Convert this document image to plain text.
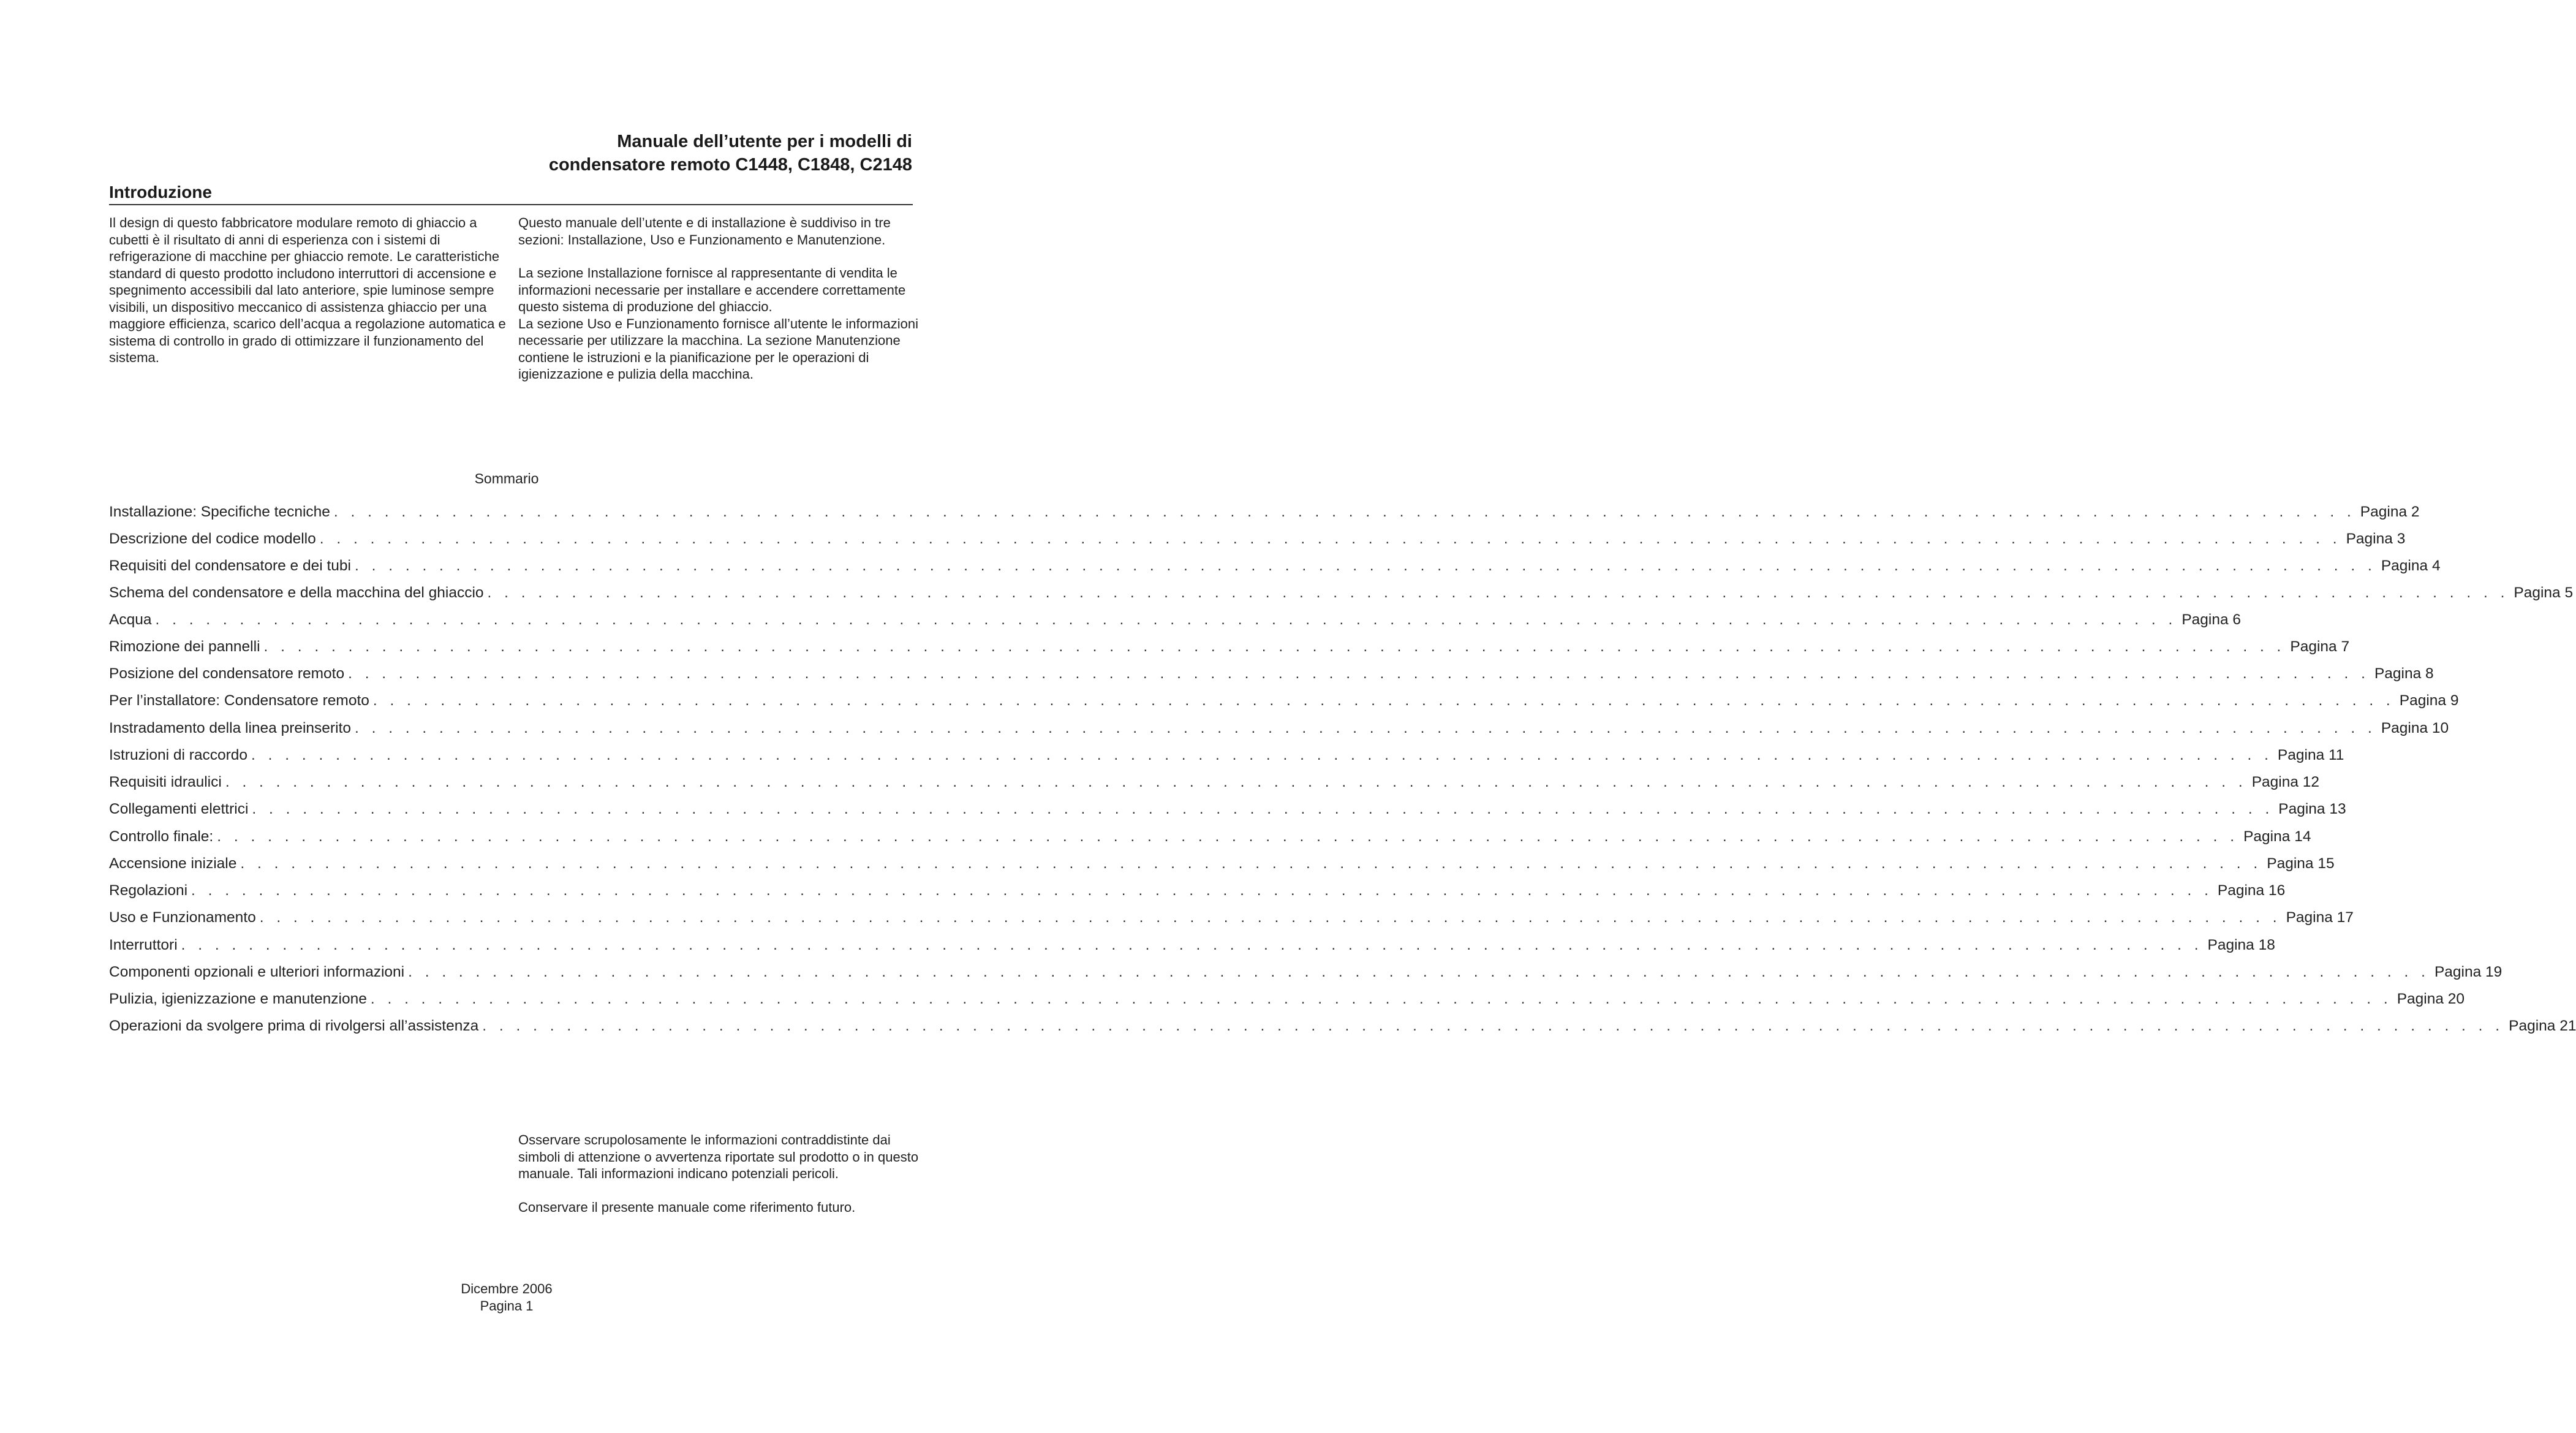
Manuale dell’utente per i modelli di
condensatore remoto C1448, C1848, C2148
Introduzione

Il design di questo fabbricatore modulare remoto di ghiaccio a cubetti è il risultato di anni di esperienza con i sistemi di refrigerazione di macchine per ghiaccio remote. Le caratteristiche standard di questo prodotto includono interruttori di accensione e spegnimento accessibili dal lato anteriore, spie luminose sempre visibili, un dispositivo meccanico di assistenza ghiaccio per una maggiore efficienza, scarico dell’acqua a regolazione automatica e sistema di controllo in grado di ottimizzare il funzionamento del sistema.

Questo manuale dell’utente e di installazione è suddiviso in tre sezioni: Installazione, Uso e Funzionamento e Manutenzione.

La sezione Installazione fornisce al rappresentante di vendita le informazioni necessarie per installare e accendere correttamente questo sistema di produzione del ghiaccio.

La sezione Uso e Funzionamento fornisce all’utente le informazioni necessarie per utilizzare la macchina. La sezione Manutenzione contiene le istruzioni e la pianificazione per le operazioni di igienizzazione e pulizia della macchina.

Sommario
Installazione: Specifiche tecniche . . . . . . . . . . . . . . . . . . . . . . . . . . . . . . . . . . . . . . . . . . . . . . . . . . . . . . . . . . . . . . . . . . . . . . . . . . . . . . . . . . . . . . . . . . . . . . . . . . . . . . . . . . . . . . . . . . . . . . . . Pagina 2
Descrizione del codice modello . . . . . . . . . . . . . . . . . . . . . . . . . . . . . . . . . . . . . . . . . . . . . . . . . . . . . . . . . . . . . . . . . . . . . . . . . . . . . . . . . . . . . . . . . . . . . . . . . . . . . . . . . . . . . . . . . . . . . . . . Pagina 3
Requisiti del condensatore e dei tubi . . . . . . . . . . . . . . . . . . . . . . . . . . . . . . . . . . . . . . . . . . . . . . . . . . . . . . . . . . . . . . . . . . . . . . . . . . . . . . . . . . . . . . . . . . . . . . . . . . . . . . . . . . . . . . . . . . . . . . . . Pagina 4
Schema del condensatore e della macchina del ghiaccio . . . . . . . . . . . . . . . . . . . . . . . . . . . . . . . . . . . . . . . . . . . . . . . . . . . . . . . . . . . . . . . . . . . . . . . . . . . . . . . . . . . . . . . . . . . . . . . . . . . . . . . . . . . . . . . . . . . . . . . . Pagina 5
Acqua . . . . . . . . . . . . . . . . . . . . . . . . . . . . . . . . . . . . . . . . . . . . . . . . . . . . . . . . . . . . . . . . . . . . . . . . . . . . . . . . . . . . . . . . . . . . . . . . . . . . . . . . . . . . . . . . . . . . . . . . Pagina 6
Rimozione dei pannelli . . . . . . . . . . . . . . . . . . . . . . . . . . . . . . . . . . . . . . . . . . . . . . . . . . . . . . . . . . . . . . . . . . . . . . . . . . . . . . . . . . . . . . . . . . . . . . . . . . . . . . . . . . . . . . . . . . . . . . . . Pagina 7
Posizione del condensatore remoto . . . . . . . . . . . . . . . . . . . . . . . . . . . . . . . . . . . . . . . . . . . . . . . . . . . . . . . . . . . . . . . . . . . . . . . . . . . . . . . . . . . . . . . . . . . . . . . . . . . . . . . . . . . . . . . . . . . . . . . . Pagina 8
Per l’installatore: Condensatore remoto . . . . . . . . . . . . . . . . . . . . . . . . . . . . . . . . . . . . . . . . . . . . . . . . . . . . . . . . . . . . . . . . . . . . . . . . . . . . . . . . . . . . . . . . . . . . . . . . . . . . . . . . . . . . . . . . . . . . . . . . Pagina 9
Instradamento della linea preinserito . . . . . . . . . . . . . . . . . . . . . . . . . . . . . . . . . . . . . . . . . . . . . . . . . . . . . . . . . . . . . . . . . . . . . . . . . . . . . . . . . . . . . . . . . . . . . . . . . . . . . . . . . . . . . . . . . . . . . . . . Pagina 10
Istruzioni di raccordo . . . . . . . . . . . . . . . . . . . . . . . . . . . . . . . . . . . . . . . . . . . . . . . . . . . . . . . . . . . . . . . . . . . . . . . . . . . . . . . . . . . . . . . . . . . . . . . . . . . . . . . . . . . . . . . . . . . . . . . . Pagina 11
Requisiti idraulici . . . . . . . . . . . . . . . . . . . . . . . . . . . . . . . . . . . . . . . . . . . . . . . . . . . . . . . . . . . . . . . . . . . . . . . . . . . . . . . . . . . . . . . . . . . . . . . . . . . . . . . . . . . . . . . . . . . . . . . . Pagina 12
Collegamenti elettrici . . . . . . . . . . . . . . . . . . . . . . . . . . . . . . . . . . . . . . . . . . . . . . . . . . . . . . . . . . . . . . . . . . . . . . . . . . . . . . . . . . . . . . . . . . . . . . . . . . . . . . . . . . . . . . . . . . . . . . . . Pagina 13
Controllo finale: . . . . . . . . . . . . . . . . . . . . . . . . . . . . . . . . . . . . . . . . . . . . . . . . . . . . . . . . . . . . . . . . . . . . . . . . . . . . . . . . . . . . . . . . . . . . . . . . . . . . . . . . . . . . . . . . . . . . . . . . Pagina 14
Accensione iniziale . . . . . . . . . . . . . . . . . . . . . . . . . . . . . . . . . . . . . . . . . . . . . . . . . . . . . . . . . . . . . . . . . . . . . . . . . . . . . . . . . . . . . . . . . . . . . . . . . . . . . . . . . . . . . . . . . . . . . . . . Pagina 15
Regolazioni . . . . . . . . . . . . . . . . . . . . . . . . . . . . . . . . . . . . . . . . . . . . . . . . . . . . . . . . . . . . . . . . . . . . . . . . . . . . . . . . . . . . . . . . . . . . . . . . . . . . . . . . . . . . . . . . . . . . . . . . Pagina 16
Uso e Funzionamento . . . . . . . . . . . . . . . . . . . . . . . . . . . . . . . . . . . . . . . . . . . . . . . . . . . . . . . . . . . . . . . . . . . . . . . . . . . . . . . . . . . . . . . . . . . . . . . . . . . . . . . . . . . . . . . . . . . . . . . . Pagina 17
Interruttori . . . . . . . . . . . . . . . . . . . . . . . . . . . . . . . . . . . . . . . . . . . . . . . . . . . . . . . . . . . . . . . . . . . . . . . . . . . . . . . . . . . . . . . . . . . . . . . . . . . . . . . . . . . . . . . . . . . . . . . . Pagina 18
Componenti opzionali e ulteriori informazioni . . . . . . . . . . . . . . . . . . . . . . . . . . . . . . . . . . . . . . . . . . . . . . . . . . . . . . . . . . . . . . . . . . . . . . . . . . . . . . . . . . . . . . . . . . . . . . . . . . . . . . . . . . . . . . . . . . . . . . . . Pagina 19
Pulizia, igienizzazione e manutenzione . . . . . . . . . . . . . . . . . . . . . . . . . . . . . . . . . . . . . . . . . . . . . . . . . . . . . . . . . . . . . . . . . . . . . . . . . . . . . . . . . . . . . . . . . . . . . . . . . . . . . . . . . . . . . . . . . . . . . . . . Pagina 20
Operazioni da svolgere prima di rivolgersi all’assistenza . . . . . . . . . . . . . . . . . . . . . . . . . . . . . . . . . . . . . . . . . . . . . . . . . . . . . . . . . . . . . . . . . . . . . . . . . . . . . . . . . . . . . . . . . . . . . . . . . . . . . . . . . . . . . . . . . . . . . . . . Pagina 21

Osservare scrupolosamente le informazioni contraddistinte dai simboli di attenzione o avvertenza riportate sul prodotto o in questo manuale. Tali informazioni indicano potenziali pericoli.

Conservare il presente manuale come riferimento futuro.

Dicembre 2006
Pagina 1
